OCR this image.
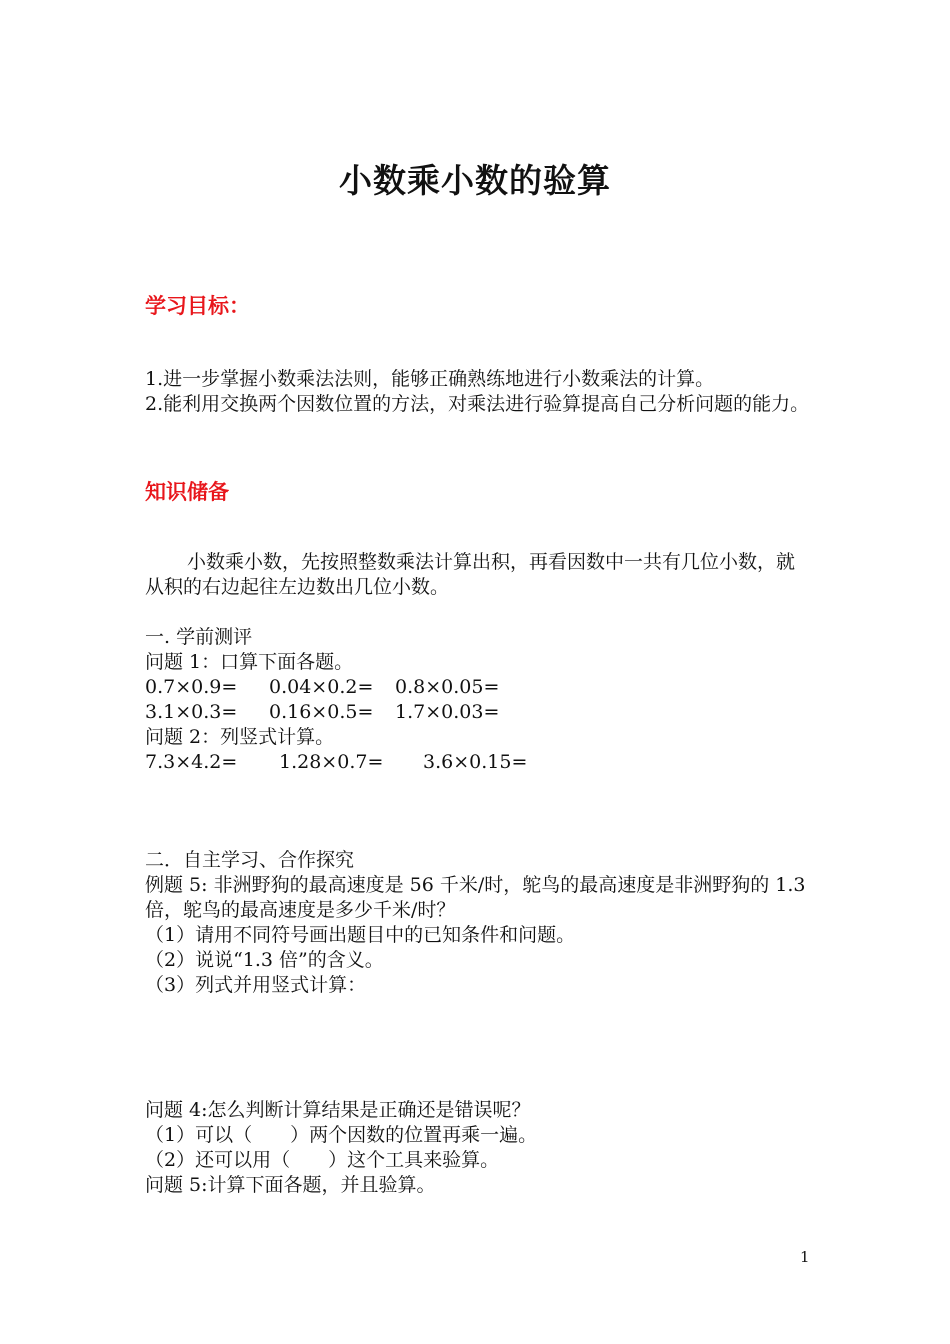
小数乘小数的验算
学习目标：

1.进一步掌握小数乘法法则，能够正确熟练地进行小数乘法的计算。

2.能利用交换两个因数位置的方法，对乘法进行验算提高自己分析问题的能力。

知识储备

小数乘小数，先按照整数乘法计算出积，再看因数中一共有几位小数，就从积的右边起往左边数出几位小数。

一. 学前测评

问题 1：口算下面各题。

0.7×0.9=	0.04×0.2=	0.8×0.05=
3.1×0.3=	0.16×0.5=	1.7×0.03=

问题 2：列竖式计算。

7.3×4.2=	1.28×0.7=	3.6×0.15=

二．自主学习、合作探究

例题 5: 非洲野狗的最高速度是 56 千米/时，鸵鸟的最高速度是非洲野狗的 1.3 倍，鸵鸟的最高速度是多少千米/时？

（1）请用不同符号画出题目中的已知条件和问题。

（2）说说“1.3 倍”的含义。

（3）列式并用竖式计算：

问题 4:怎么判断计算结果是正确还是错误呢？

（1）可以（　　）两个因数的位置再乘一遍。

（2）还可以用（　　）这个工具来验算。

问题 5:计算下面各题，并且验算。

1
